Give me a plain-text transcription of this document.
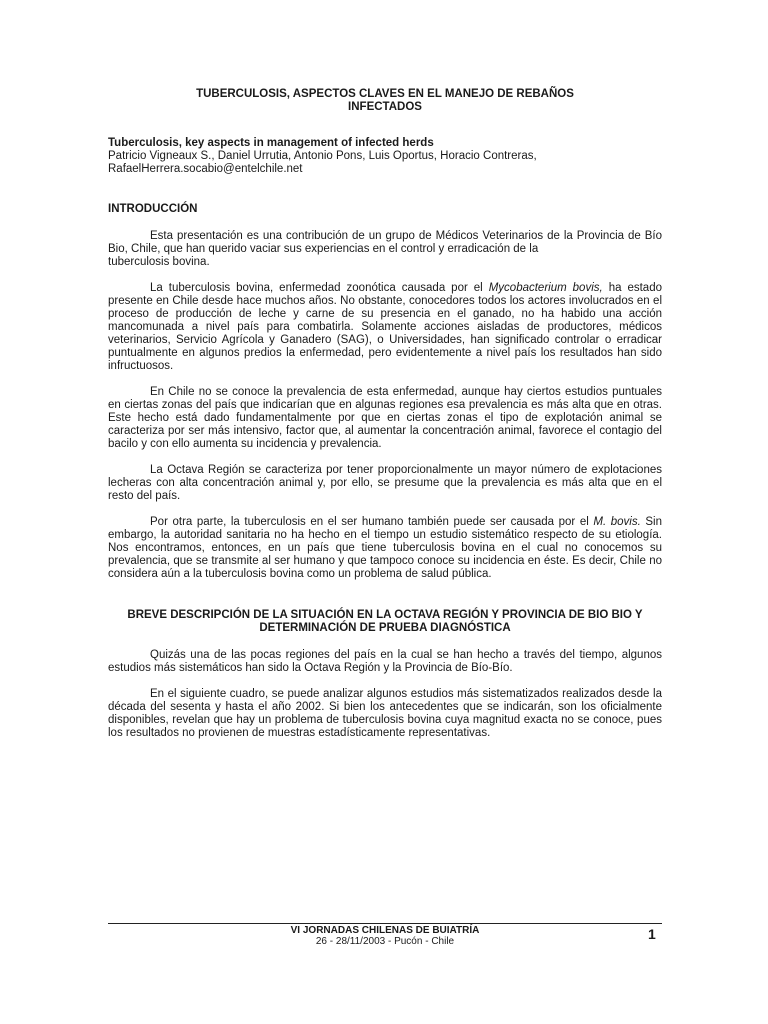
TUBERCULOSIS, ASPECTOS CLAVES EN EL MANEJO DE REBAÑOS
INFECTADOS
Tuberculosis, key aspects in management of infected herds
Patricio Vigneaux S., Daniel Urrutia, Antonio Pons, Luis Oportus, Horacio Contreras,
RafaelHerrera.socabio@entelchile.net
INTRODUCCIÓN

Esta presentación es una contribución de un grupo de Médicos Veterinarios de la Provincia de Bío Bio, Chile, que han querido vaciar sus experiencias en el control y erradicación de la
tuberculosis bovina.

La tuberculosis bovina, enfermedad zoonótica causada por el Mycobacterium bovis, ha estado presente en Chile desde hace muchos años. No obstante, conocedores todos los actores involucrados en el proceso de producción de leche y carne de su presencia en el ganado, no ha habido una acción mancomunada a nivel país para combatirla. Solamente acciones aisladas de productores, médicos veterinarios, Servicio Agrícola y Ganadero (SAG), o Universidades, han significado controlar o erradicar puntualmente en algunos predios la enfermedad, pero evidentemente a nivel país los resultados han sido infructuosos.

En Chile no se conoce la prevalencia de esta enfermedad, aunque hay ciertos estudios puntuales en ciertas zonas del país que indicarían que en algunas regiones esa prevalencia es más alta que en otras. Este hecho está dado fundamentalmente por que en ciertas zonas el tipo de explotación animal se caracteriza por ser más intensivo, factor que, al aumentar la concentración animal, favorece el contagio del bacilo y con ello aumenta su incidencia y prevalencia.

La Octava Región se caracteriza por tener proporcionalmente un mayor número de explotaciones lecheras con alta concentración animal y, por ello, se presume que la prevalencia es más alta que en el resto del país.

Por otra parte, la tuberculosis en el ser humano también puede ser causada por el M. bovis. Sin embargo, la autoridad sanitaria no ha hecho en el tiempo un estudio sistemático respecto de su etiología. Nos encontramos, entonces, en un país que tiene tuberculosis bovina en el cual no conocemos su prevalencia, que se transmite al ser humano y que tampoco conoce su incidencia en éste. Es decir, Chile no considera aún a la tuberculosis bovina como un problema de salud pública.

BREVE DESCRIPCIÓN DE LA SITUACIÓN EN LA OCTAVA REGIÓN Y PROVINCIA DE BIO BIO Y
DETERMINACIÓN DE PRUEBA DIAGNÓSTICA

Quizás una de las pocas regiones del país en la cual se han hecho a través del tiempo, algunos estudios más sistemáticos han sido la Octava Región y la Provincia de Bío-Bío.

En el siguiente cuadro, se puede analizar algunos estudios más sistematizados realizados desde la década del sesenta y hasta el año 2002. Si bien los antecedentes que se indicarán, son los oficialmente disponibles, revelan que hay un problema de tuberculosis bovina cuya magnitud exacta no se conoce, pues los resultados no provienen de muestras estadísticamente representativas.

VI JORNADAS CHILENAS DE BUIATRÍA
26 - 28/11/2003 - Pucón - Chile	1
